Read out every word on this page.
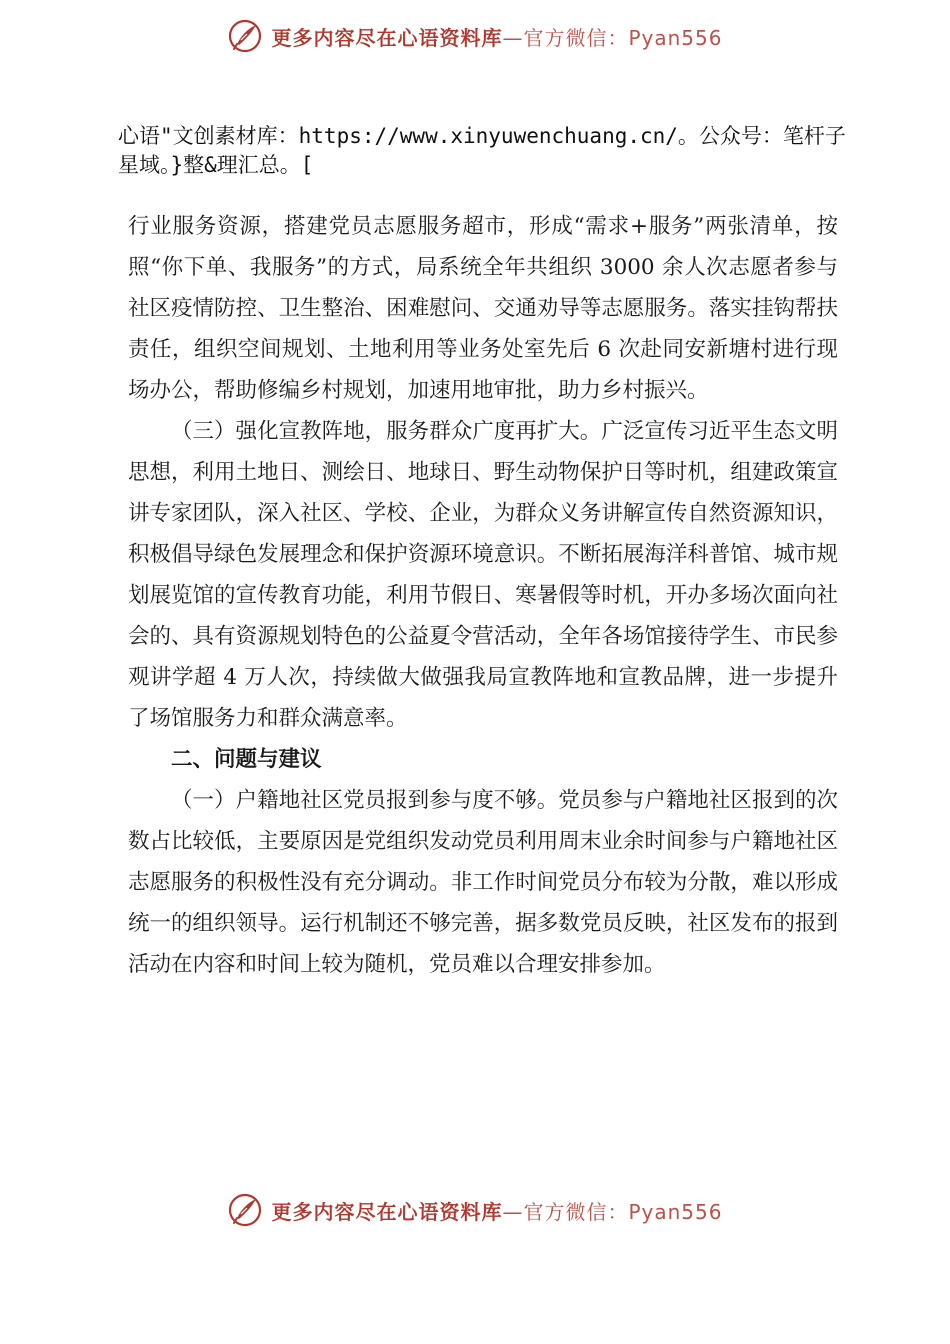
更多内容尽在心语资料库—官方微信：Pyan556
心语"文创素材库：https://www.xinyuwenchuang.cn/。公众号：笔杆子星域。}整&理汇总。[

行业服务资源，搭建党员志愿服务超市，形成“需求+服务”两张清单，按照“你下单、我服务”的方式，局系统全年共组织 3000 余人次志愿者参与社区疫情防控、卫生整治、困难慰问、交通劝导等志愿服务。落实挂钩帮扶责任，组织空间规划、土地利用等业务处室先后 6 次赴同安新塘村进行现场办公，帮助修编乡村规划，加速用地审批，助力乡村振兴。

（三）强化宣教阵地，服务群众广度再扩大。广泛宣传习近平生态文明思想，利用土地日、测绘日、地球日、野生动物保护日等时机，组建政策宣讲专家团队，深入社区、学校、企业，为群众义务讲解宣传自然资源知识，积极倡导绿色发展理念和保护资源环境意识。不断拓展海洋科普馆、城市规划展览馆的宣传教育功能，利用节假日、寒暑假等时机，开办多场次面向社会的、具有资源规划特色的公益夏令营活动，全年各场馆接待学生、市民参观讲学超 4 万人次，持续做大做强我局宣教阵地和宣教品牌，进一步提升了场馆服务力和群众满意率。

二、问题与建议

（一）户籍地社区党员报到参与度不够。党员参与户籍地社区报到的次数占比较低，主要原因是党组织发动党员利用周末业余时间参与户籍地社区志愿服务的积极性没有充分调动。非工作时间党员分布较为分散，难以形成统一的组织领导。运行机制还不够完善，据多数党员反映，社区发布的报到活动在内容和时间上较为随机，党员难以合理安排参加。

更多内容尽在心语资料库—官方微信：Pyan556
